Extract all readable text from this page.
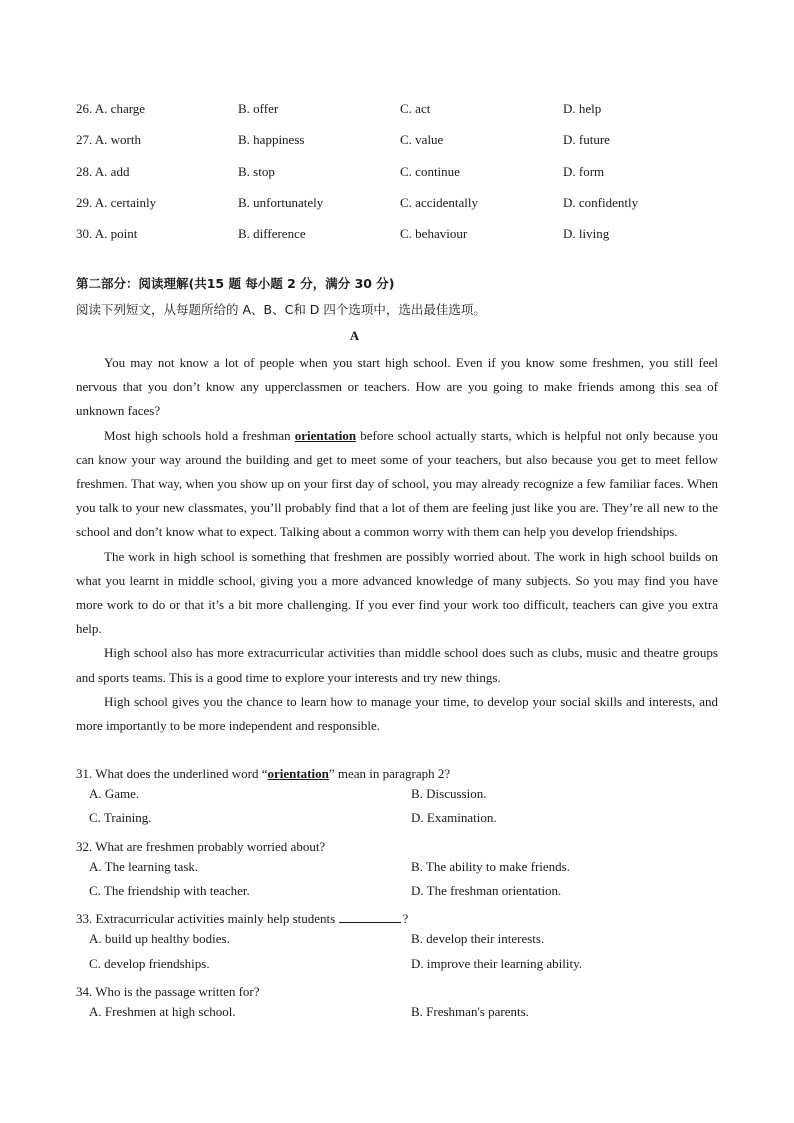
26. A. charge	B. offer	C. act	D. help
27. A. worth	B. happiness	C. value	D. future
28. A. add	B. stop	C. continue	D. form
29. A. certainly	B. unfortunately	C. accidentally	D. confidently
30. A. point	B. difference	C. behaviour	D. living
第二部分：阅读理解(共15 题 每小题 2 分，满分 30 分)
阅读下列短文，从每题所给的 A、B、C和 D 四个选项中，选出最佳选项。
A

You may not know a lot of people when you start high school. Even if you know some freshmen, you still feel nervous that you don’t know any upperclassmen or teachers. How are you going to make friends among this sea of unknown faces?

Most high schools hold a freshman orientation before school actually starts, which is helpful not only because you can know your way around the building and get to meet some of your teachers, but also because you get to meet fellow freshmen. That way, when you show up on your first day of school, you may already recognize a few familiar faces. When you talk to your new classmates, you’ll probably find that a lot of them are feeling just like you are. They’re all new to the school and don’t know what to expect. Talking about a common worry with them can help you develop friendships.

The work in high school is something that freshmen are possibly worried about. The work in high school builds on what you learnt in middle school, giving you a more advanced knowledge of many subjects. So you may find you have more work to do or that it’s a bit more challenging. If you ever find your work too difficult, teachers can give you extra help.

High school also has more extracurricular activities than middle school does such as clubs, music and theatre groups and sports teams. This is a good time to explore your interests and try new things.

High school gives you the chance to learn how to manage your time, to develop your social skills and interests, and more importantly to be more independent and responsible.

31. What does the underlined word “orientation” mean in paragraph 2?
A. Game.	B. Discussion.
C. Training.	D. Examination.
32. What are freshmen probably worried about?
A. The learning task.	B. The ability to make friends.
C. The friendship with teacher.	D. The freshman orientation.
33. Extracurricular activities mainly help students	?
A. build up healthy bodies.	B. develop their interests.
C. develop friendships.	D. improve their learning ability.
34. Who is the passage written for?
A. Freshmen at high school.	B. Freshman's parents.
